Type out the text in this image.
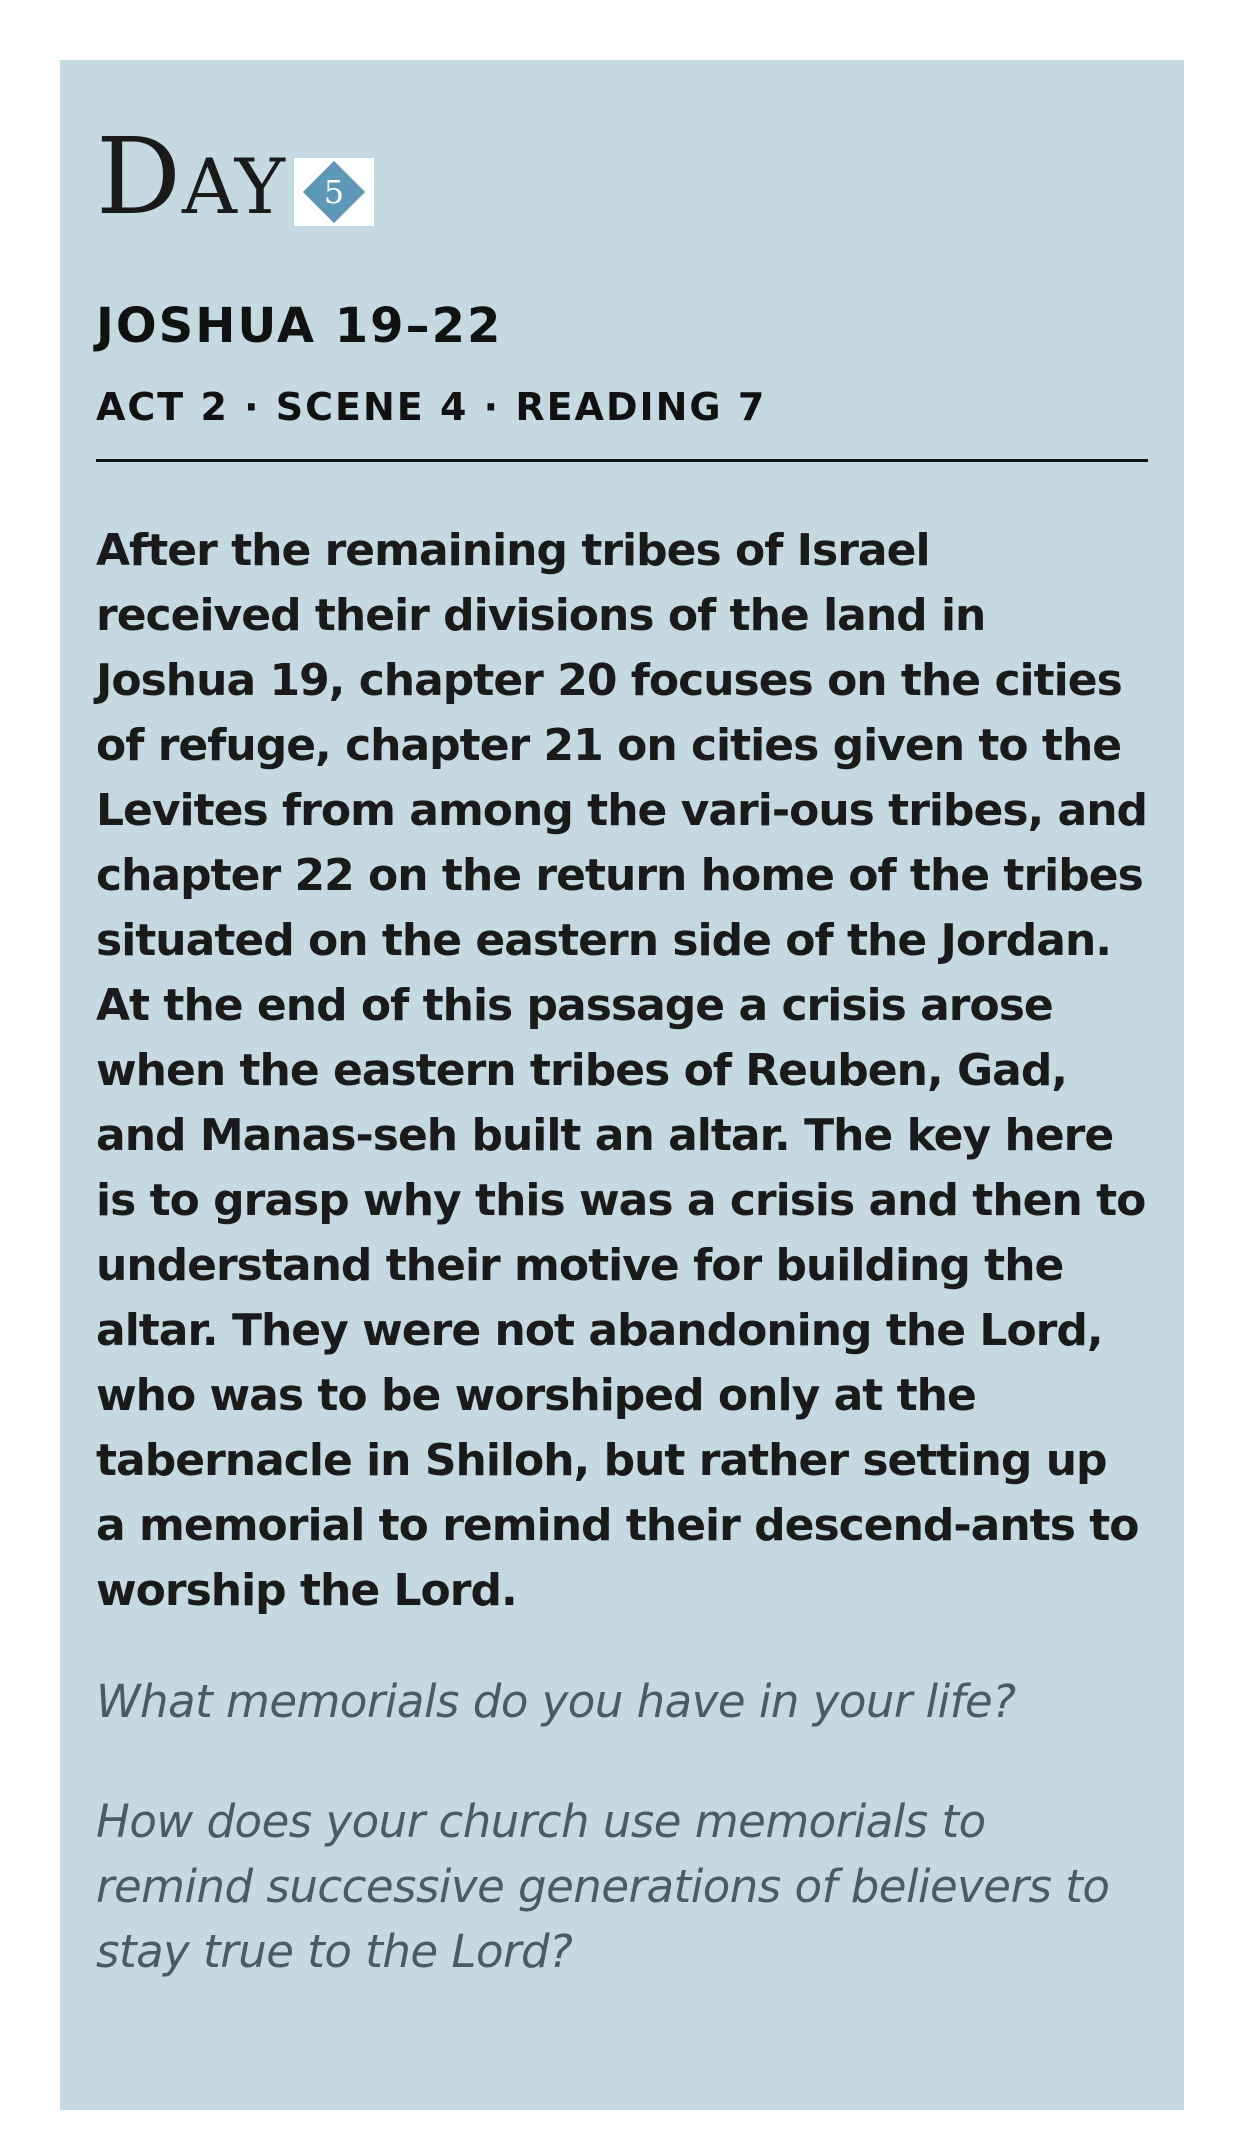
DAY	5
JOSHUA 19–22
ACT 2 · SCENE 4 · READING 7

After the remaining tribes of Israel received their divisions of the land in Joshua 19, chapter 20 focuses on the cities of refuge, chapter 21 on cities given to the Levites from among the vari-ous tribes, and chapter 22 on the return home of the tribes situated on the eastern side of the Jordan.

At the end of this passage a crisis arose when the eastern tribes of Reuben, Gad, and Manas-seh built an altar. The key here is to grasp why this was a crisis and then to understand their motive for building the altar. They were not abandoning the Lord, who was to be worshiped only at the tabernacle in Shiloh, but rather setting up a memorial to remind their descend-ants to worship the Lord.

What memorials do you have in your life?

How does your church use memorials to remind successive generations of believers to stay true to the Lord?
